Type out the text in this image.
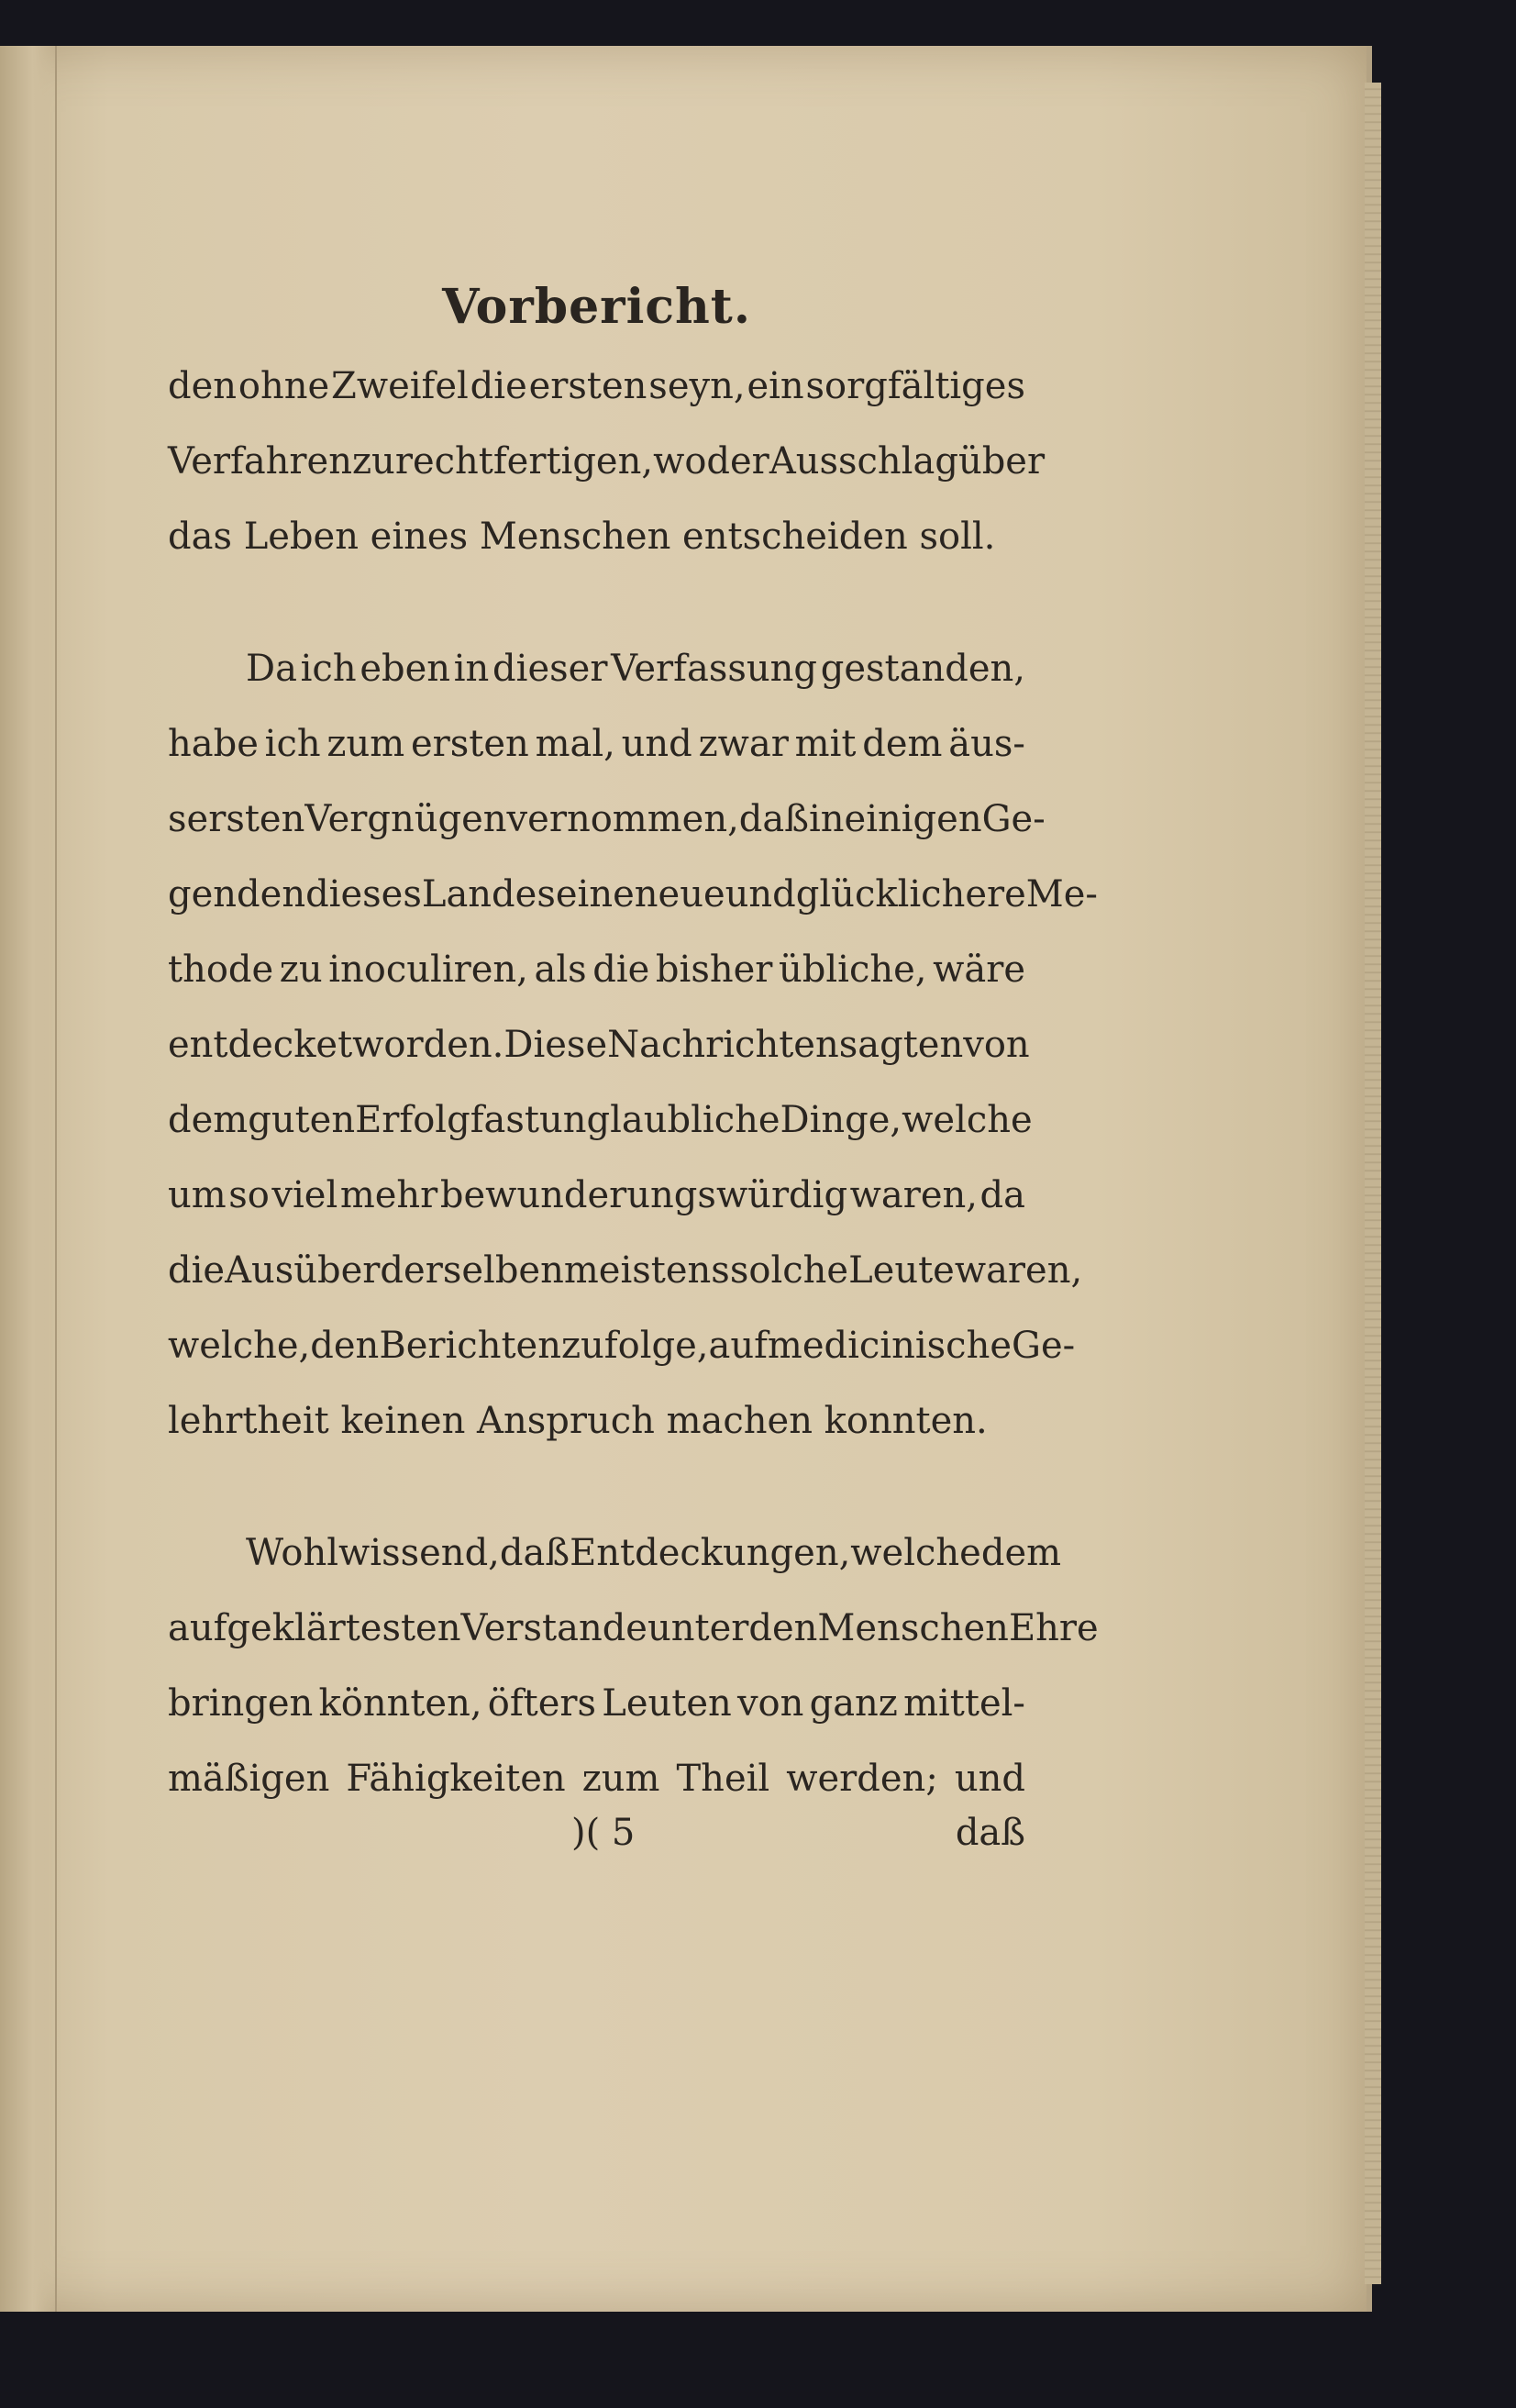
Vorbericht.
den ohne Zweifel die ersten seyn, ein sorgfältiges
Verfahren zu rechtfertigen, wo der Ausschlag über
das Leben eines Menschen entscheiden soll.
Da ich eben in dieser Verfassung gestanden,
habe ich zum ersten mal, und zwar mit dem äus-
sersten Vergnügen vernommen, daß in einigen Ge-
genden dieses Landes eine neue und glücklichere Me-
thode zu inoculiren, als die bisher übliche, wäre
entdecket worden. Diese Nachrichten sagten von
dem guten Erfolg fast unglaubliche Dinge, welche
um so viel mehr bewunderungswürdig waren, da
die Ausüber derselben meistens solche Leute waren,
welche, den Berichten zufolge, auf medicinische Ge-
lehrtheit keinen Anspruch machen konnten.
Wohl wissend, daß Entdeckungen, welche dem
aufgeklärtesten Verstande unter den Menschen Ehre
bringen könnten, öfters Leuten von ganz mittel-
mäßigen Fähigkeiten zum Theil werden; und
)( 5	daß
